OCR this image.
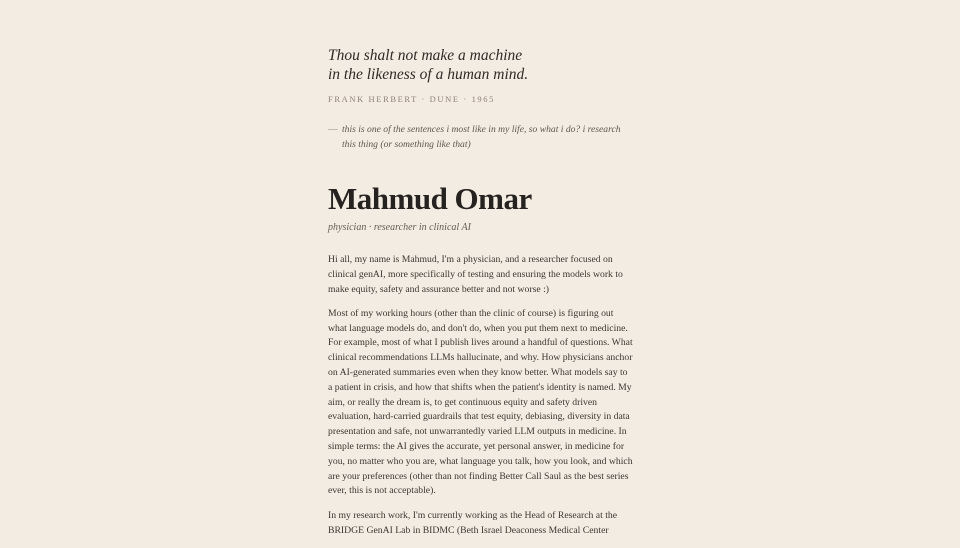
Thou shalt not make a machine
in the likeness of a human mind.
FRANK HERBERT · DUNE · 1965
— this is one of the sentences i most like in my life, so what i do? i research this thing (or something like that)
Mahmud Omar
physician · researcher in clinical AI

Hi all, my name is Mahmud, I'm a physician, and a researcher focused on clinical genAI, more specifically of testing and ensuring the models work to make equity, safety and assurance better and not worse :)

Most of my working hours (other than the clinic of course) is figuring out what language models do, and don't do, when you put them next to medicine. For example, most of what I publish lives around a handful of questions. What clinical recommendations LLMs hallucinate, and why. How physicians anchor on AI-generated summaries even when they know better. What models say to a patient in crisis, and how that shifts when the patient's identity is named. My aim, or really the dream is, to get continuous equity and safety driven evaluation, hard-carried guardrails that test equity, debiasing, diversity in data presentation and safe, not unwarrantedly varied LLM outputs in medicine. In simple terms: the AI gives the accurate, yet personal answer, in medicine for you, no matter who you are, what language you talk, how you look, and which are your preferences (other than not finding Better Call Saul as the best series ever, this is not acceptable).

In my research work, I'm currently working as the Head of Research at the BRIDGE GenAI Lab in BIDMC (Beth Israel Deaconess Medical Center
